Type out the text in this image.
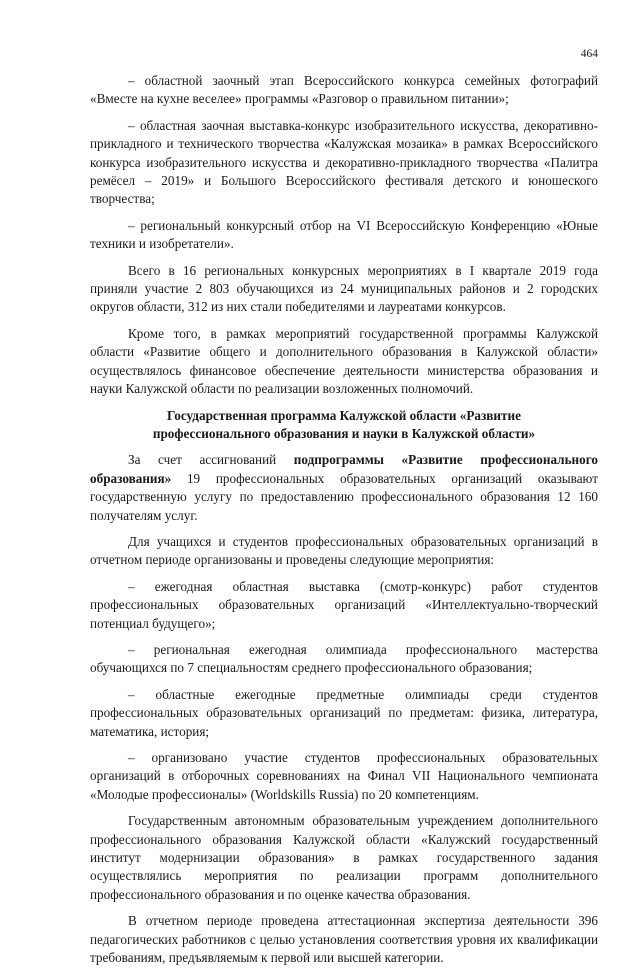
464

– областной заочный этап Всероссийского конкурса семейных фотографий «Вместе на кухне веселее» программы «Разговор о правильном питании»;

– областная заочная выставка-конкурс изобразительного искусства, декоративно-прикладного и технического творчества «Калужская мозаика» в рамках Всероссийского конкурса изобразительного искусства и декоративно-прикладного творчества «Палитра ремёсел – 2019» и Большого Всероссийского фестиваля детского и юношеского творчества;

– региональный конкурсный отбор на VI Всероссийскую Конференцию «Юные техники и изобретатели».

Всего в 16 региональных конкурсных мероприятиях в I квартале 2019 года приняли участие 2 803 обучающихся из 24 муниципальных районов и 2 городских округов области, 312 из них стали победителями и лауреатами конкурсов.

Кроме того, в рамках мероприятий государственной программы Калужской области «Развитие общего и дополнительного образования в Калужской области» осуществлялось финансовое обеспечение деятельности министерства образования и науки Калужской области по реализации возложенных полномочий.

Государственная программа Калужской области «Развитие
профессионального образования и науки в Калужской области»

За счет ассигнований подпрограммы «Развитие профессионального образования» 19 профессиональных образовательных организаций оказывают государственную услугу по предоставлению профессионального образования 12 160 получателям услуг.

Для учащихся и студентов профессиональных образовательных организаций в отчетном периоде организованы и проведены следующие мероприятия:

– ежегодная областная выставка (смотр-конкурс) работ студентов профессиональных образовательных организаций «Интеллектуально-творческий потенциал будущего»;

– региональная ежегодная олимпиада профессионального мастерства обучающихся по 7 специальностям среднего профессионального образования;

– областные ежегодные предметные олимпиады среди студентов профессиональных образовательных организаций по предметам: физика, литература, математика, история;

– организовано участие студентов профессиональных образовательных организаций в отборочных соревнованиях на Финал VII Национального чемпионата «Молодые профессионалы» (Worldskills Russia) по 20 компетенциям.

Государственным автономным образовательным учреждением дополнительного профессионального образования Калужской области «Калужский государственный институт модернизации образования» в рамках государственного задания осуществлялись мероприятия по реализации программ дополнительного профессионального образования и по оценке качества образования.

В отчетном периоде проведена аттестационная экспертиза деятельности 396 педагогических работников с целью установления соответствия уровня их квалификации требованиям, предъявляемым к первой или высшей категории.
